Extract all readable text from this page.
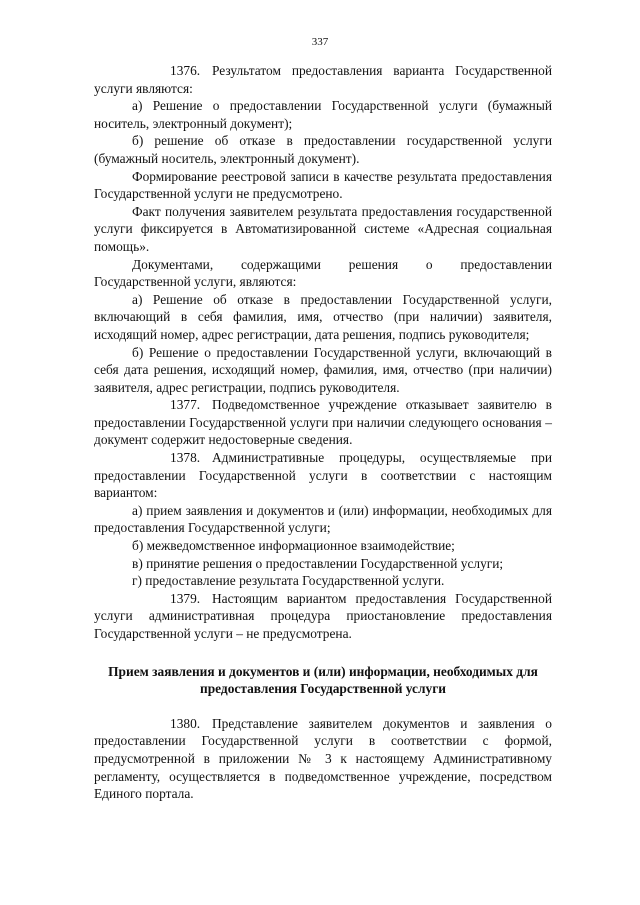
337

1376. Результатом предоставления варианта Государственной услуги являются:

а) Решение о предоставлении Государственной услуги (бумажный носитель, электронный документ);

б) решение об отказе в предоставлении государственной услуги (бумажный носитель, электронный документ).

Формирование реестровой записи в качестве результата предоставления Государственной услуги не предусмотрено.

Факт получения заявителем результата предоставления государственной услуги фиксируется в Автоматизированной системе «Адресная социальная помощь».

Документами, содержащими решения о предоставлении Государственной услуги, являются:

а) Решение об отказе в предоставлении Государственной услуги, включающий в себя фамилия, имя, отчество (при наличии) заявителя, исходящий номер, адрес регистрации, дата решения, подпись руководителя;

б) Решение о предоставлении Государственной услуги, включающий в себя дата решения, исходящий номер, фамилия, имя, отчество (при наличии) заявителя, адрес регистрации, подпись руководителя.

1377. Подведомственное учреждение отказывает заявителю в предоставлении Государственной услуги при наличии следующего основания – документ содержит недостоверные сведения.

1378. Административные процедуры, осуществляемые при предоставлении Государственной услуги в соответствии с настоящим вариантом:

а) прием заявления и документов и (или) информации, необходимых для предоставления Государственной услуги;

б) межведомственное информационное взаимодействие;

в) принятие решения о предоставлении Государственной услуги;

г) предоставление результата Государственной услуги.

1379. Настоящим вариантом предоставления Государственной услуги административная процедура приостановление предоставления Государственной услуги – не предусмотрена.

Прием заявления и документов и (или) информации, необходимых для предоставления Государственной услуги

1380. Представление заявителем документов и заявления о предоставлении Государственной услуги в соответствии с формой, предусмотренной в приложении № 3 к настоящему Административному регламенту, осуществляется в подведомственное учреждение, посредством Единого портала.
